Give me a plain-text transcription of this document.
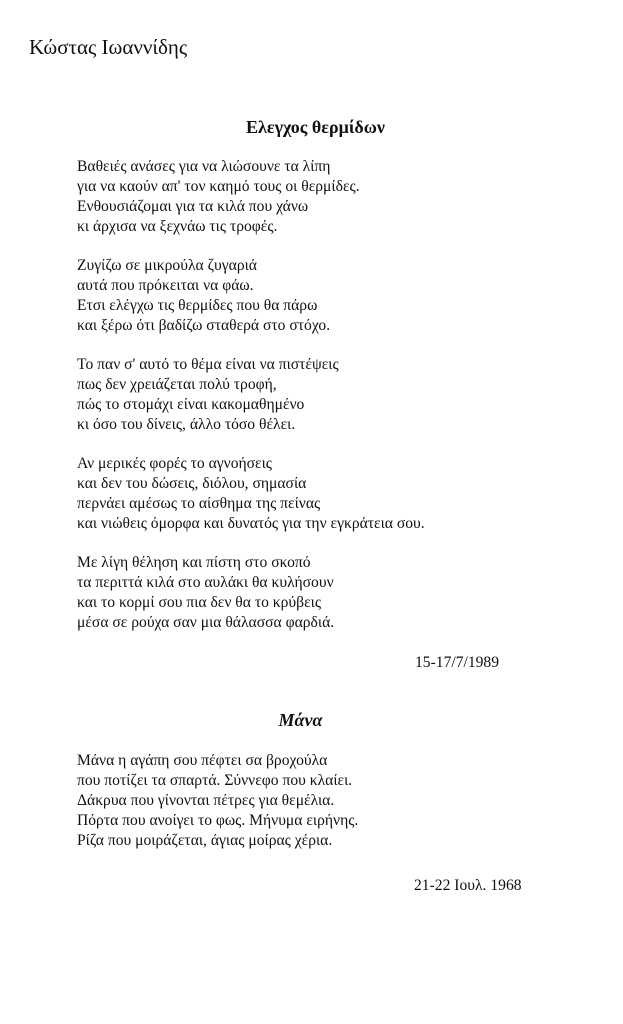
Κώστας Ιωαννίδης
Ελεγχος θερμίδων

Βαθειές ανάσες για να λιώσουνε τα λίπη
για να καούν απ' τον καημό τους οι θερμίδες.
Ενθουσιάζομαι για τα κιλά που χάνω
κι άρχισα να ξεχνάω τις τροφές.

Ζυγίζω σε μικρούλα ζυγαριά
αυτά που πρόκειται να φάω.
Ετσι ελέγχω τις θερμίδες που θα πάρω
και ξέρω ότι βαδίζω σταθερά στο στόχο.

Το παν σ' αυτό το θέμα είναι να πιστέψεις
πως δεν χρειάζεται πολύ τροφή,
πώς το στομάχι είναι κακομαθημένο
κι όσο του δίνεις, άλλο τόσο θέλει.

Αν μερικές φορές το αγνοήσεις
και δεν του δώσεις, διόλου, σημασία
περνάει αμέσως το αίσθημα της πείνας
και νιώθεις όμορφα και δυνατός για την εγκράτεια σου.

Με λίγη θέληση και πίστη στο σκοπό
τα περιττά κιλά στο αυλάκι θα κυλήσουν
και το κορμί σου πια δεν θα το κρύβεις
μέσα σε ρούχα σαν μια θάλασσα φαρδιά.

15-17/7/1989
Μάνα

Μάνα η αγάπη σου πέφτει σα βροχούλα
που ποτίζει τα σπαρτά. Σύννεφο που κλαίει.
Δάκρυα που γίνονται πέτρες για θεμέλια.
Πόρτα που ανοίγει το φως. Μήνυμα ειρήνης.
Ρίζα που μοιράζεται, άγιας μοίρας χέρια.

21-22 Ιουλ. 1968
